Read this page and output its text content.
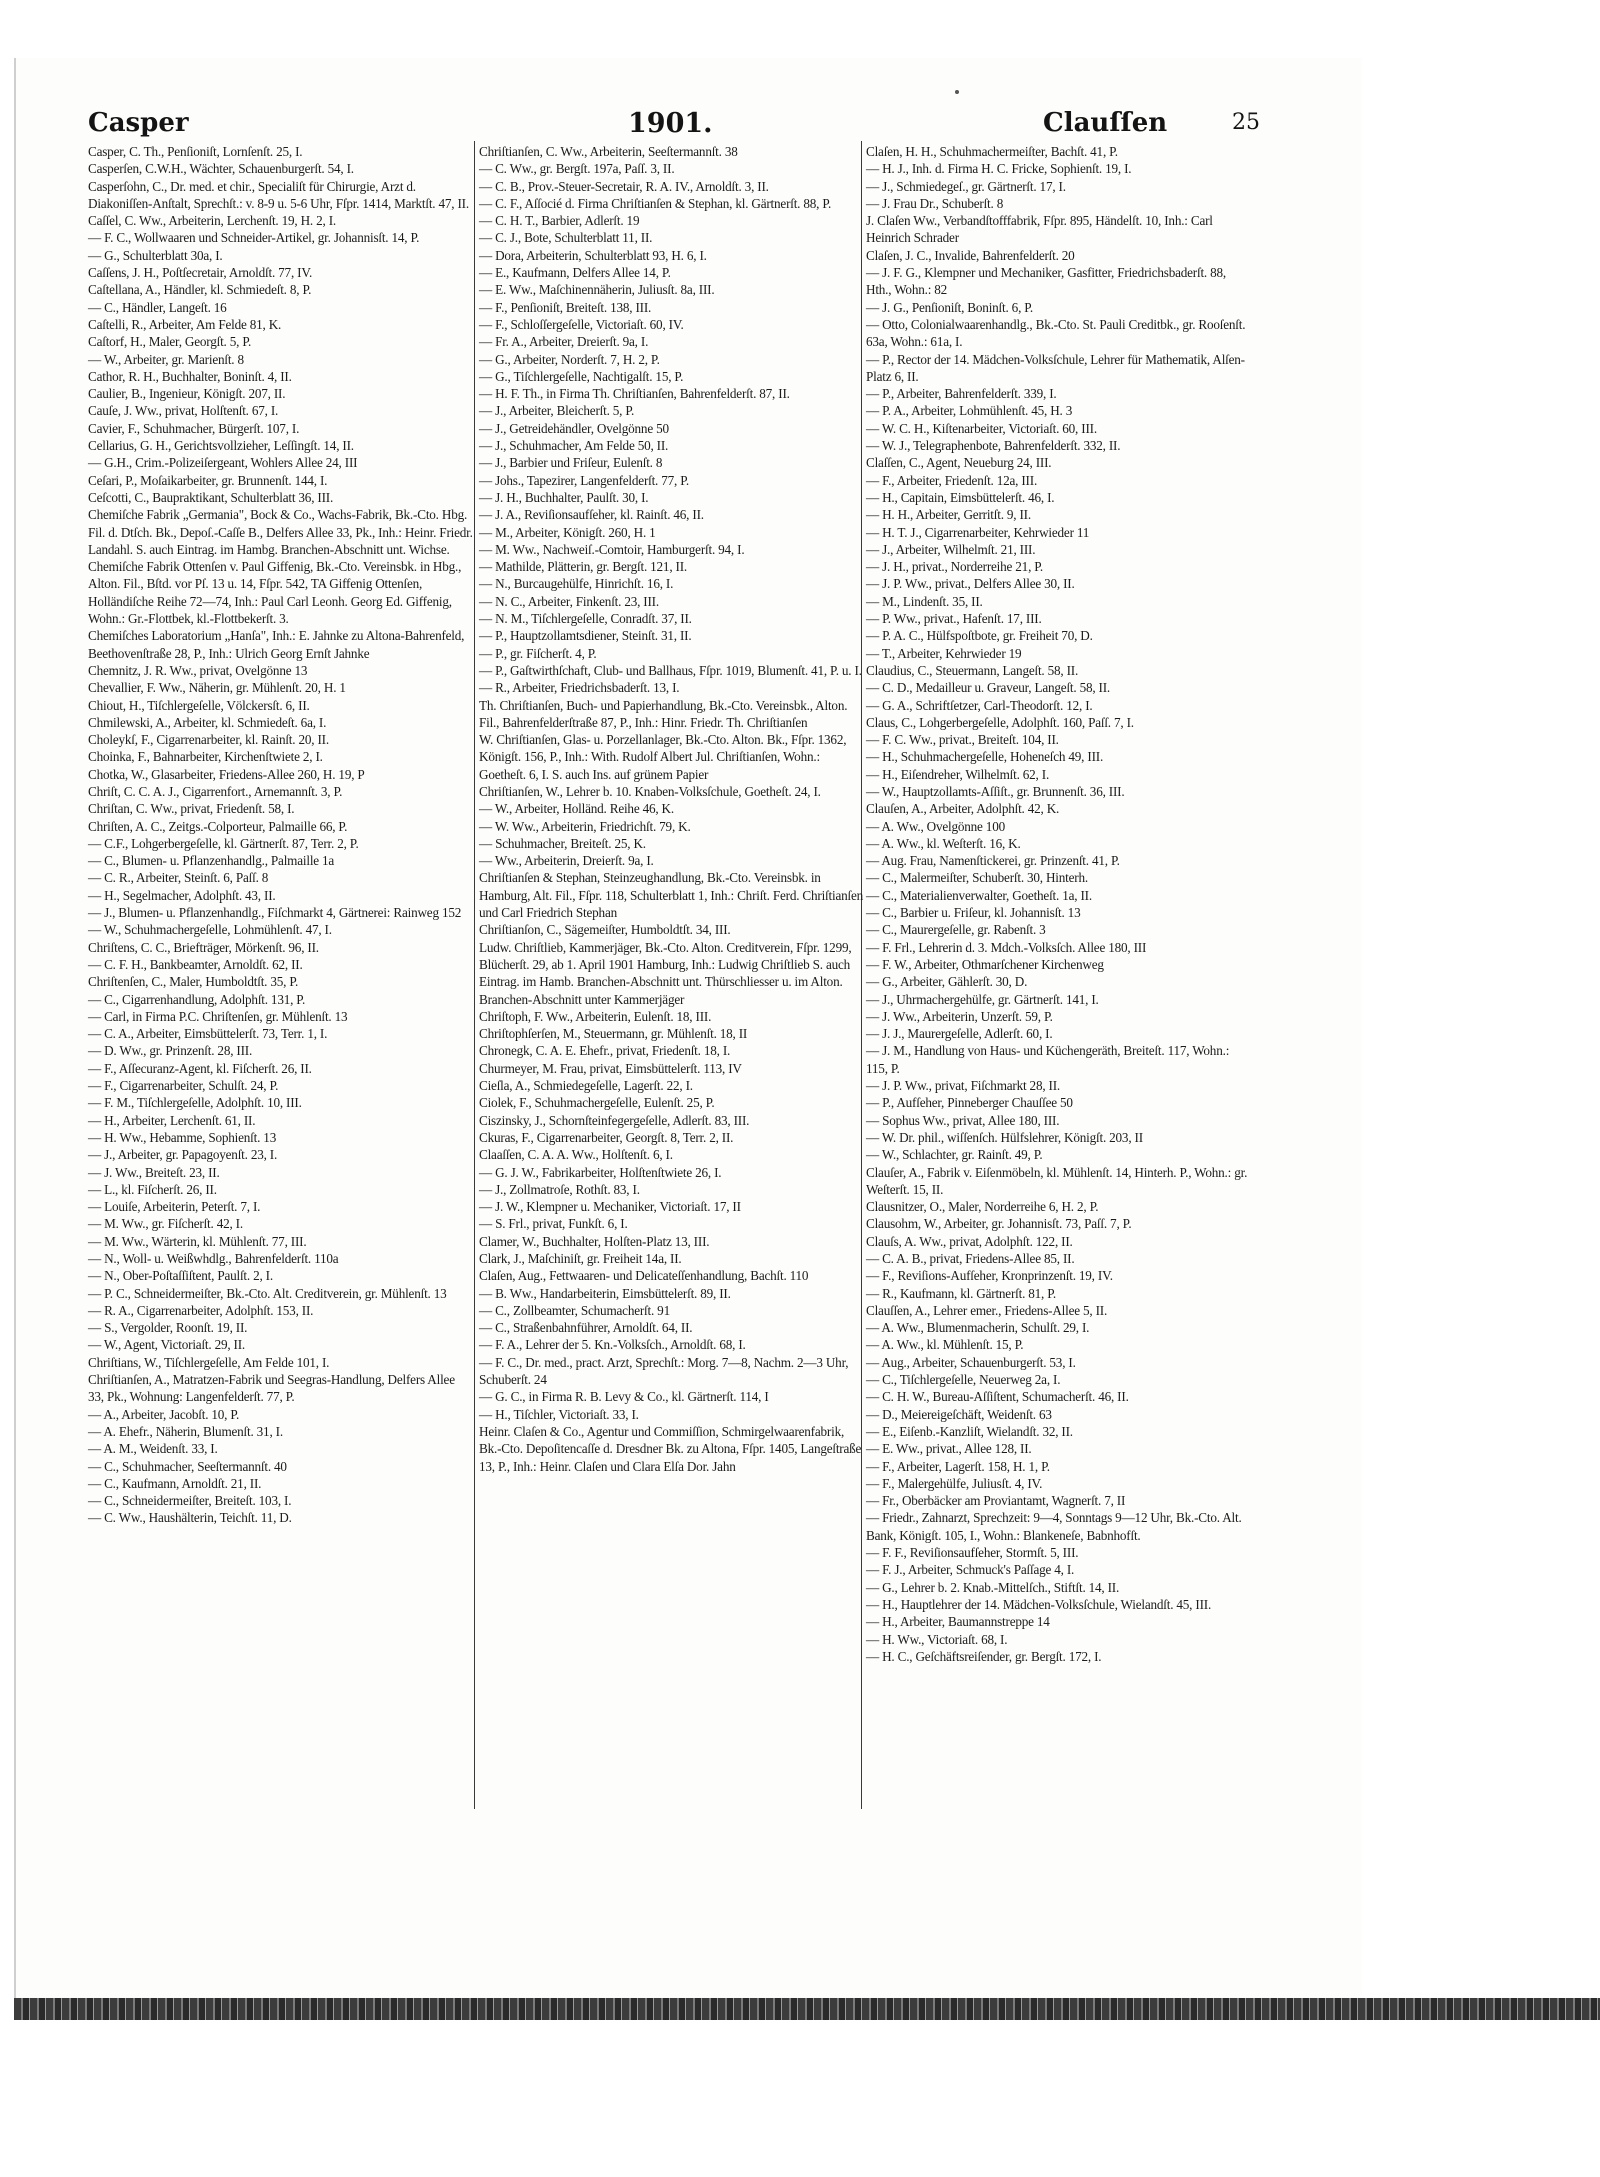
Casper	1901.	Clauſſen	25

Casper, C. Th., Penſioniſt, Lornſenſt. 25, I.

Casperſen, C.W.H., Wächter, Schauenburgerſt. 54, I.

Casperſohn, C., Dr. med. et chir., Specialiſt für Chirurgie, Arzt d. Diakoniſſen-Anſtalt, Sprechſt.: v. 8-9 u. 5-6 Uhr, Fſpr. 1414, Marktſt. 47, II.

Caſſel, C. Ww., Arbeiterin, Lerchenſt. 19, H. 2, I.

— F. C., Wollwaaren und Schneider-Artikel, gr. Johannisſt. 14, P.

— G., Schulterblatt 30a, I.

Caſſens, J. H., Poſtſecretair, Arnoldſt. 77, IV.

Caſtellana, A., Händler, kl. Schmiedeſt. 8, P.

— C., Händler, Langeſt. 16

Caſtelli, R., Arbeiter, Am Felde 81, K.

Caſtorf, H., Maler, Georgſt. 5, P.

— W., Arbeiter, gr. Marienſt. 8

Cathor, R. H., Buchhalter, Boninſt. 4, II.

Caulier, B., Ingenieur, Königſt. 207, II.

Cauſe, J. Ww., privat, Holſtenſt. 67, I.

Cavier, F., Schuhmacher, Bürgerſt. 107, I.

Cellarius, G. H., Gerichtsvollzieher, Leſſingſt. 14, II.

— G.H., Crim.-Polizeiſergeant, Wohlers Allee 24, III

Ceſari, P., Moſaikarbeiter, gr. Brunnenſt. 144, I.

Ceſcotti, C., Baupraktikant, Schulterblatt 36, III.

Chemiſche Fabrik „Germania", Bock & Co., Wachs-Fabrik, Bk.-Cto. Hbg. Fil. d. Dtſch. Bk., Depoſ.-Caſſe B., Delfers Allee 33, Pk., Inh.: Heinr. Friedr. Landahl. S. auch Eintrag. im Hambg. Branchen-Abschnitt unt. Wichse.

Chemiſche Fabrik Ottenſen v. Paul Giffenig, Bk.-Cto. Vereinsbk. in Hbg., Alton. Fil., Bſtd. vor Pſ. 13 u. 14, Fſpr. 542, TA Giffenig Ottenſen, Holländiſche Reihe 72—74, Inh.: Paul Carl Leonh. Georg Ed. Giffenig, Wohn.: Gr.-Flottbek, kl.-Flottbekerſt. 3.

Chemiſches Laboratorium „Hanſa", Inh.: E. Jahnke zu Altona-Bahrenfeld, Beethovenſtraße 28, P., Inh.: Ulrich Georg Ernſt Jahnke

Chemnitz, J. R. Ww., privat, Ovelgönne 13

Chevallier, F. Ww., Näherin, gr. Mühlenſt. 20, H. 1

Chiout, H., Tiſchlergeſelle, Völckersſt. 6, II.

Chmilewski, A., Arbeiter, kl. Schmiedeſt. 6a, I.

Choleykſ, F., Cigarrenarbeiter, kl. Rainſt. 20, II.

Choinka, F., Bahnarbeiter, Kirchenſtwiete 2, I.

Chotka, W., Glasarbeiter, Friedens-Allee 260, H. 19, P

Chriſt, C. C. A. J., Cigarrenfort., Arnemannſt. 3, P.

Chriſtan, C. Ww., privat, Friedenſt. 58, I.

Chriſten, A. C., Zeitgs.-Colporteur, Palmaille 66, P.

— C.F., Lohgerbergeſelle, kl. Gärtnerſt. 87, Terr. 2, P.

— C., Blumen- u. Pflanzenhandlg., Palmaille 1a

— C. R., Arbeiter, Steinſt. 6, Paſſ. 8

— H., Segelmacher, Adolphſt. 43, II.

— J., Blumen- u. Pflanzenhandlg., Fiſchmarkt 4, Gärtnerei: Rainweg 152

— W., Schuhmachergeſelle, Lohmühlenſt. 47, I.

Chriſtens, C. C., Briefträger, Mörkenſt. 96, II.

— C. F. H., Bankbeamter, Arnoldſt. 62, II.

Chriſtenſen, C., Maler, Humboldtſt. 35, P.

— C., Cigarrenhandlung, Adolphſt. 131, P.

— Carl, in Firma P.C. Chriſtenſen, gr. Mühlenſt. 13

— C. A., Arbeiter, Eimsbüttelerſt. 73, Terr. 1, I.

— D. Ww., gr. Prinzenſt. 28, III.

— F., Aſſecuranz-Agent, kl. Fiſcherſt. 26, II.

— F., Cigarrenarbeiter, Schulſt. 24, P.

— F. M., Tiſchlergeſelle, Adolphſt. 10, III.

— H., Arbeiter, Lerchenſt. 61, II.

— H. Ww., Hebamme, Sophienſt. 13

— J., Arbeiter, gr. Papagoyenſt. 23, I.

— J. Ww., Breiteſt. 23, II.

— L., kl. Fiſcherſt. 26, II.

— Louiſe, Arbeiterin, Peterſt. 7, I.

— M. Ww., gr. Fiſcherſt. 42, I.

— M. Ww., Wärterin, kl. Mühlenſt. 77, III.

— N., Woll- u. Weißwhdlg., Bahrenfelderſt. 110a

— N., Ober-Poſtaſſiſtent, Paulſt. 2, I.

— P. C., Schneidermeiſter, Bk.-Cto. Alt. Creditverein, gr. Mühlenſt. 13

— R. A., Cigarrenarbeiter, Adolphſt. 153, II.

— S., Vergolder, Roonſt. 19, II.

— W., Agent, Victoriaſt. 29, II.

Chriſtians, W., Tiſchlergeſelle, Am Felde 101, I.

Chriſtianſen, A., Matratzen-Fabrik und Seegras-Handlung, Delfers Allee 33, Pk., Wohnung: Langenfelderſt. 77, P.

— A., Arbeiter, Jacobſt. 10, P.

— A. Ehefr., Näherin, Blumenſt. 31, I.

— A. M., Weidenſt. 33, I.

— C., Schuhmacher, Seeſtermannſt. 40

— C., Kaufmann, Arnoldſt. 21, II.

— C., Schneidermeiſter, Breiteſt. 103, I.

— C. Ww., Haushälterin, Teichſt. 11, D.

Chriſtianſen, C. Ww., Arbeiterin, Seeſtermannſt. 38

— C. Ww., gr. Bergſt. 197a, Paſſ. 3, II.

— C. B., Prov.-Steuer-Secretair, R. A. IV., Arnoldſt. 3, II.

— C. F., Aſſocié d. Firma Chriſtianſen & Stephan, kl. Gärtnerſt. 88, P.

— C. H. T., Barbier, Adlerſt. 19

— C. J., Bote, Schulterblatt 11, II.

— Dora, Arbeiterin, Schulterblatt 93, H. 6, I.

— E., Kaufmann, Delfers Allee 14, P.

— E. Ww., Maſchinennäherin, Juliusſt. 8a, III.

— F., Penſioniſt, Breiteſt. 138, III.

— F., Schloſſergeſelle, Victoriaſt. 60, IV.

— Fr. A., Arbeiter, Dreierſt. 9a, I.

— G., Arbeiter, Norderſt. 7, H. 2, P.

— G., Tiſchlergeſelle, Nachtigalſt. 15, P.

— H. F. Th., in Firma Th. Chriſtianſen, Bahrenfelderſt. 87, II.

— J., Arbeiter, Bleicherſt. 5, P.

— J., Getreidehändler, Ovelgönne 50

— J., Schuhmacher, Am Felde 50, II.

— J., Barbier und Friſeur, Eulenſt. 8

— Johs., Tapezirer, Langenfelderſt. 77, P.

— J. H., Buchhalter, Paulſt. 30, I.

— J. A., Reviſionsaufſeher, kl. Rainſt. 46, II.

— M., Arbeiter, Königſt. 260, H. 1

— M. Ww., Nachweiſ.-Comtoir, Hamburgerſt. 94, I.

— Mathilde, Plätterin, gr. Bergſt. 121, II.

— N., Burcaugehülfe, Hinrichſt. 16, I.

— N. C., Arbeiter, Finkenſt. 23, III.

— N. M., Tiſchlergeſelle, Conradſt. 37, II.

— P., Hauptzollamtsdiener, Steinſt. 31, II.

— P., gr. Fiſcherſt. 4, P.

— P., Gaſtwirthſchaft, Club- und Ballhaus, Fſpr. 1019, Blumenſt. 41, P. u. I.

— R., Arbeiter, Friedrichsbaderſt. 13, I.

Th. Chriſtianſen, Buch- und Papierhandlung, Bk.-Cto. Vereinsbk., Alton. Fil., Bahrenfelderſtraße 87, P., Inh.: Hinr. Friedr. Th. Chriſtianſen

W. Chriſtianſen, Glas- u. Porzellanlager, Bk.-Cto. Alton. Bk., Fſpr. 1362, Königſt. 156, P., Inh.: With. Rudolf Albert Jul. Chriſtianſen, Wohn.: Goetheſt. 6, I. S. auch Ins. auf grünem Papier

Chriſtianſen, W., Lehrer b. 10. Knaben-Volksſchule, Goetheſt. 24, I.

— W., Arbeiter, Holländ. Reihe 46, K.

— W. Ww., Arbeiterin, Friedrichſt. 79, K.

— Schuhmacher, Breiteſt. 25, K.

— Ww., Arbeiterin, Dreierſt. 9a, I.

Chriſtianſen & Stephan, Steinzeughandlung, Bk.-Cto. Vereinsbk. in Hamburg, Alt. Fil., Fſpr. 118, Schulterblatt 1, Inh.: Chriſt. Ferd. Chriſtianſen und Carl Friedrich Stephan

Chriſtianſon, C., Sägemeiſter, Humboldtſt. 34, III.

Ludw. Chriſtlieb, Kammerjäger, Bk.-Cto. Alton. Creditverein, Fſpr. 1299, Blücherſt. 29, ab 1. April 1901 Hamburg, Inh.: Ludwig Chriſtlieb S. auch Eintrag. im Hamb. Branchen-Abschnitt unt. Thürschliesser u. im Alton. Branchen-Abschnitt unter Kammerjäger

Chriſtoph, F. Ww., Arbeiterin, Eulenſt. 18, III.

Chriſtophſerſen, M., Steuermann, gr. Mühlenſt. 18, II

Chronegk, C. A. E. Ehefr., privat, Friedenſt. 18, I.

Churmeyer, M. Frau, privat, Eimsbüttelerſt. 113, IV

Cieſla, A., Schmiedegeſelle, Lagerſt. 22, I.

Ciolek, F., Schuhmachergeſelle, Eulenſt. 25, P.

Ciszinsky, J., Schornſteinfegergeſelle, Adlerſt. 83, III.

Ckuras, F., Cigarrenarbeiter, Georgſt. 8, Terr. 2, II.

Claaſſen, C. A. A. Ww., Holſtenſt. 6, I.

— G. J. W., Fabrikarbeiter, Holſtenſtwiete 26, I.

— J., Zollmatroſe, Rothſt. 83, I.

— J. W., Klempner u. Mechaniker, Victoriaſt. 17, II

— S. Frl., privat, Funkſt. 6, I.

Clamer, W., Buchhalter, Holſten-Platz 13, III.

Clark, J., Maſchiniſt, gr. Freiheit 14a, II.

Claſen, Aug., Fettwaaren- und Delicateſſenhandlung, Bachſt. 110

— B. Ww., Handarbeiterin, Eimsbüttelerſt. 89, II.

— C., Zollbeamter, Schumacherſt. 91

— C., Straßenbahnführer, Arnoldſt. 64, II.

— F. A., Lehrer der 5. Kn.-Volksſch., Arnoldſt. 68, I.

— F. C., Dr. med., pract. Arzt, Sprechſt.: Morg. 7—8, Nachm. 2—3 Uhr, Schuberſt. 24

— G. C., in Firma R. B. Levy & Co., kl. Gärtnerſt. 114, I

— H., Tiſchler, Victoriaſt. 33, I.

Heinr. Claſen & Co., Agentur und Commiſſion, Schmirgelwaarenfabrik, Bk.-Cto. Depoſitencaſſe d. Dresdner Bk. zu Altona, Fſpr. 1405, Langeſtraße 13, P., Inh.: Heinr. Claſen und Clara Elſa Dor. Jahn

Claſen, H. H., Schuhmachermeiſter, Bachſt. 41, P.

— H. J., Inh. d. Firma H. C. Fricke, Sophienſt. 19, I.

— J., Schmiedegeſ., gr. Gärtnerſt. 17, I.

— J. Frau Dr., Schuberſt. 8

J. Claſen Ww., Verbandſtofffabrik, Fſpr. 895, Händelſt. 10, Inh.: Carl Heinrich Schrader

Claſen, J. C., Invalide, Bahrenfelderſt. 20

— J. F. G., Klempner und Mechaniker, Gasfitter, Friedrichsbaderſt. 88, Hth., Wohn.: 82

— J. G., Penſioniſt, Boninſt. 6, P.

— Otto, Colonialwaarenhandlg., Bk.-Cto. St. Pauli Creditbk., gr. Rooſenſt. 63a, Wohn.: 61a, I.

— P., Rector der 14. Mädchen-Volksſchule, Lehrer für Mathematik, Alſen-Platz 6, II.

— P., Arbeiter, Bahrenfelderſt. 339, I.

— P. A., Arbeiter, Lohmühlenſt. 45, H. 3

— W. C. H., Kiſtenarbeiter, Victoriaſt. 60, III.

— W. J., Telegraphenbote, Bahrenfelderſt. 332, II.

Claſſen, C., Agent, Neueburg 24, III.

— F., Arbeiter, Friedenſt. 12a, III.

— H., Capitain, Eimsbüttelerſt. 46, I.

— H. H., Arbeiter, Gerritſt. 9, II.

— H. T. J., Cigarrenarbeiter, Kehrwieder 11

— J., Arbeiter, Wilhelmſt. 21, III.

— J. H., privat., Norderreihe 21, P.

— J. P. Ww., privat., Delfers Allee 30, II.

— M., Lindenſt. 35, II.

— P. Ww., privat., Hafenſt. 17, III.

— P. A. C., Hülfspoſtbote, gr. Freiheit 70, D.

— T., Arbeiter, Kehrwieder 19

Claudius, C., Steuermann, Langeſt. 58, II.

— C. D., Medailleur u. Graveur, Langeſt. 58, II.

— G. A., Schriftſetzer, Carl-Theodorſt. 12, I.

Claus, C., Lohgerbergeſelle, Adolphſt. 160, Paſſ. 7, I.

— F. C. Ww., privat., Breiteſt. 104, II.

— H., Schuhmachergeſelle, Hoheneſch 49, III.

— H., Eiſendreher, Wilhelmſt. 62, I.

— W., Hauptzollamts-Aſſiſt., gr. Brunnenſt. 36, III.

Clauſen, A., Arbeiter, Adolphſt. 42, K.

— A. Ww., Ovelgönne 100

— A. Ww., kl. Weſterſt. 16, K.

— Aug. Frau, Namenſtickerei, gr. Prinzenſt. 41, P.

— C., Malermeiſter, Schuberſt. 30, Hinterh.

— C., Materialienverwalter, Goetheſt. 1a, II.

— C., Barbier u. Friſeur, kl. Johannisſt. 13

— C., Maurergeſelle, gr. Rabenſt. 3

— F. Frl., Lehrerin d. 3. Mdch.-Volksſch. Allee 180, III

— F. W., Arbeiter, Othmarſchener Kirchenweg

— G., Arbeiter, Gählerſt. 30, D.

— J., Uhrmachergehülfe, gr. Gärtnerſt. 141, I.

— J. Ww., Arbeiterin, Unzerſt. 59, P.

— J. J., Maurergeſelle, Adlerſt. 60, I.

— J. M., Handlung von Haus- und Küchengeräth, Breiteſt. 117, Wohn.: 115, P.

— J. P. Ww., privat, Fiſchmarkt 28, II.

— P., Aufſeher, Pinneberger Chauſſee 50

— Sophus Ww., privat, Allee 180, III.

— W. Dr. phil., wiſſenſch. Hülfslehrer, Königſt. 203, II

— W., Schlachter, gr. Rainſt. 49, P.

Clauſer, A., Fabrik v. Eiſenmöbeln, kl. Mühlenſt. 14, Hinterh. P., Wohn.: gr. Weſterſt. 15, II.

Clausnitzer, O., Maler, Norderreihe 6, H. 2, P.

Clausohm, W., Arbeiter, gr. Johannisſt. 73, Paſſ. 7, P.

Clauſs, A. Ww., privat, Adolphſt. 122, II.

— C. A. B., privat, Friedens-Allee 85, II.

— F., Reviſions-Aufſeher, Kronprinzenſt. 19, IV.

— R., Kaufmann, kl. Gärtnerſt. 81, P.

Clauſſen, A., Lehrer emer., Friedens-Allee 5, II.

— A. Ww., Blumenmacherin, Schulſt. 29, I.

— A. Ww., kl. Mühlenſt. 15, P.

— Aug., Arbeiter, Schauenburgerſt. 53, I.

— C., Tiſchlergeſelle, Neuerweg 2a, I.

— C. H. W., Bureau-Aſſiſtent, Schumacherſt. 46, II.

— D., Meiereigeſchäft, Weidenſt. 63

— E., Eiſenb.-Kanzliſt, Wielandſt. 32, II.

— E. Ww., privat., Allee 128, II.

— F., Arbeiter, Lagerſt. 158, H. 1, P.

— F., Malergehülfe, Juliusſt. 4, IV.

— Fr., Oberbäcker am Proviantamt, Wagnerſt. 7, II

— Friedr., Zahnarzt, Sprechzeit: 9—4, Sonntags 9—12 Uhr, Bk.-Cto. Alt. Bank, Königſt. 105, I., Wohn.: Blankeneſe, Babnhofſt.

— F. F., Reviſionsaufſeher, Stormſt. 5, III.

— F. J., Arbeiter, Schmuck's Paſſage 4, I.

— G., Lehrer b. 2. Knab.-Mittelſch., Stiftſt. 14, II.

— H., Hauptlehrer der 14. Mädchen-Volksſchule, Wielandſt. 45, III.

— H., Arbeiter, Baumannstreppe 14

— H. Ww., Victoriaſt. 68, I.

— H. C., Geſchäftsreiſender, gr. Bergſt. 172, I.
